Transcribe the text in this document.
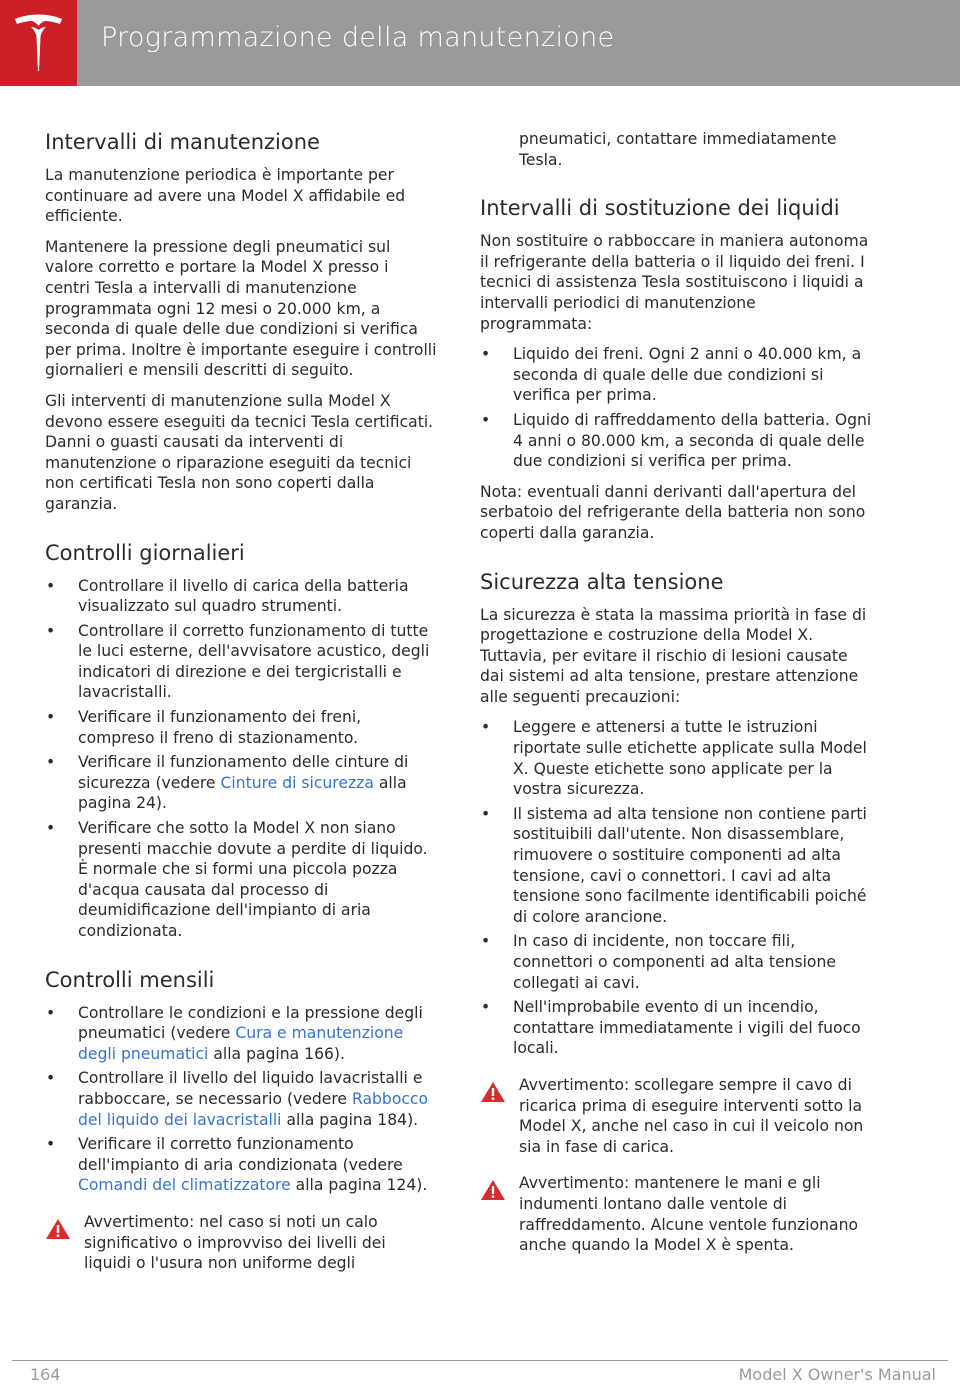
Programmazione della manutenzione
Intervalli di manutenzione

La manutenzione periodica è importante per continuare ad avere una Model X affidabile ed efficiente.

Mantenere la pressione degli pneumatici sul valore corretto e portare la Model X presso i centri Tesla a intervalli di manutenzione programmata ogni 12 mesi o 20.000 km, a seconda di quale delle due condizioni si verifica per prima. Inoltre è importante eseguire i controlli giornalieri e mensili descritti di seguito.

Gli interventi di manutenzione sulla Model X devono essere eseguiti da tecnici Tesla certificati. Danni o guasti causati da interventi di manutenzione o riparazione eseguiti da tecnici non certificati Tesla non sono coperti dalla garanzia.

Controlli giornalieri
• Controllare il livello di carica della batteria visualizzato sul quadro strumenti.
• Controllare il corretto funzionamento di tutte le luci esterne, dell'avvisatore acustico, degli indicatori di direzione e dei tergicristalli e lavacristalli.
• Verificare il funzionamento dei freni, compreso il freno di stazionamento.
• Verificare il funzionamento delle cinture di sicurezza (vedere Cinture di sicurezza alla pagina 24).
• Verificare che sotto la Model X non siano presenti macchie dovute a perdite di liquido. È normale che si formi una piccola pozza d'acqua causata dal processo di deumidificazione dell'impianto di aria condizionata.
Controlli mensili
• Controllare le condizioni e la pressione degli pneumatici (vedere Cura e manutenzione degli pneumatici alla pagina 166).
• Controllare il livello del liquido lavacristalli e rabboccare, se necessario (vedere Rabbocco del liquido dei lavacristalli alla pagina 184).
• Verificare il corretto funzionamento dell'impianto di aria condizionata (vedere Comandi del climatizzatore alla pagina 124).
Avvertimento: nel caso si noti un calo significativo o improvviso dei livelli dei liquidi o l'usura non uniforme degli
pneumatici, contattare immediatamente Tesla.
Intervalli di sostituzione dei liquidi

Non sostituire o rabboccare in maniera autonoma il refrigerante della batteria o il liquido dei freni. I tecnici di assistenza Tesla sostituiscono i liquidi a intervalli periodici di manutenzione programmata:

• Liquido dei freni. Ogni 2 anni o 40.000 km, a seconda di quale delle due condizioni si verifica per prima.
• Liquido di raffreddamento della batteria. Ogni 4 anni o 80.000 km, a seconda di quale delle due condizioni si verifica per prima.

Nota: eventuali danni derivanti dall'apertura del serbatoio del refrigerante della batteria non sono coperti dalla garanzia.

Sicurezza alta tensione

La sicurezza è stata la massima priorità in fase di progettazione e costruzione della Model X. Tuttavia, per evitare il rischio di lesioni causate dai sistemi ad alta tensione, prestare attenzione alle seguenti precauzioni:

• Leggere e attenersi a tutte le istruzioni riportate sulle etichette applicate sulla Model X. Queste etichette sono applicate per la vostra sicurezza.
• Il sistema ad alta tensione non contiene parti sostituibili dall'utente. Non disassemblare, rimuovere o sostituire componenti ad alta tensione, cavi o connettori. I cavi ad alta tensione sono facilmente identificabili poiché di colore arancione.
• In caso di incidente, non toccare fili, connettori o componenti ad alta tensione collegati ai cavi.
• Nell'improbabile evento di un incendio, contattare immediatamente i vigili del fuoco locali.
Avvertimento: scollegare sempre il cavo di ricarica prima di eseguire interventi sotto la Model X, anche nel caso in cui il veicolo non sia in fase di carica.
Avvertimento: mantenere le mani e gli indumenti lontano dalle ventole di raffreddamento. Alcune ventole funzionano anche quando la Model X è spenta.
164	Model X Owner's Manual
